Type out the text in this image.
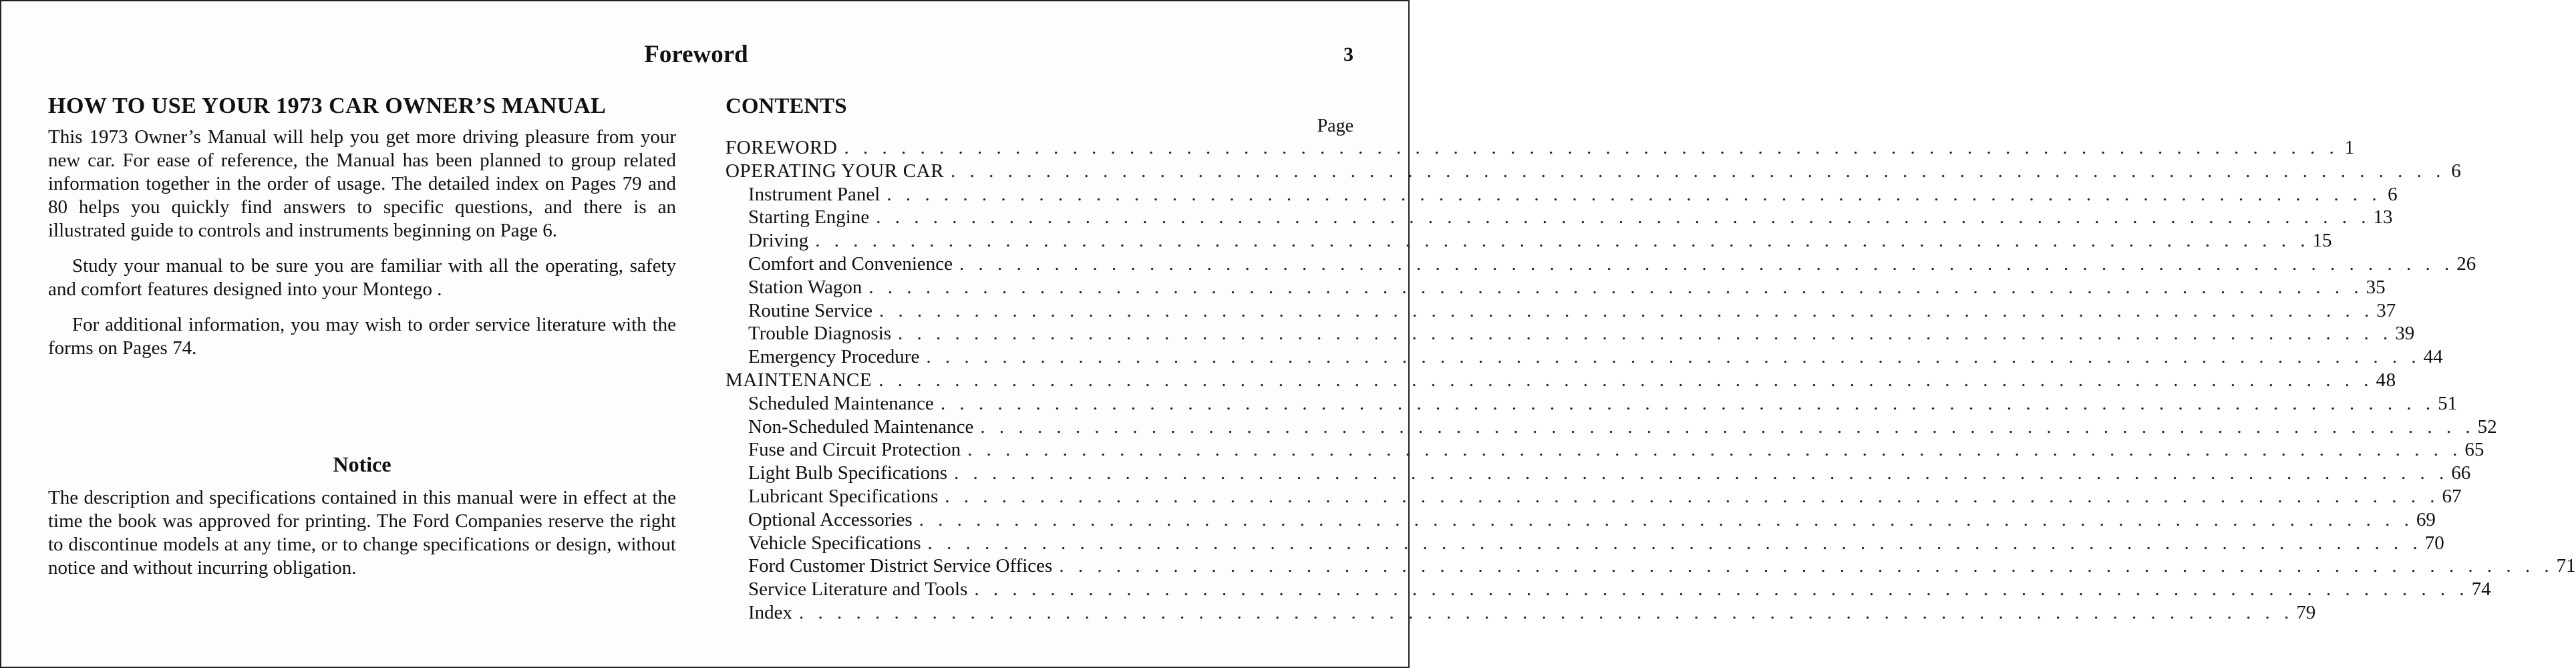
Foreword	3
HOW TO USE YOUR 1973 CAR OWNER’S MANUAL

This 1973 Owner’s Manual will help you get more driving pleasure from your new car. For ease of reference, the Manual has been planned to group related information together in the order of usage. The detailed index on Pages 79 and 80 helps you quickly find answers to specific questions, and there is an illustrated guide to controls and instruments beginning on Page 6.

Study your manual to be sure you are familiar with all the operating, safety and comfort features designed into your Montego .

For additional information, you may wish to order service literature with the forms on Pages 74.

Notice

The description and specifications contained in this manual were in effect at the time the book was approved for printing. The Ford Companies reserve the right to discontinue models at any time, or to change specifications or design, without notice and without incurring obligation.

CONTENTS
Page
FOREWORD . . . . . . . . . . . . . . . . . . . . . . . . . . . . . . . . . . . . . . . . . . . . . . . . . . . . . . . . . . . . . . . . . . . . . . . . . . . . . . . 1
OPERATING YOUR CAR . . . . . . . . . . . . . . . . . . . . . . . . . . . . . . . . . . . . . . . . . . . . . . . . . . . . . . . . . . . . . . . . . . . . . . . . . . . . . . . 6
Instrument Panel . . . . . . . . . . . . . . . . . . . . . . . . . . . . . . . . . . . . . . . . . . . . . . . . . . . . . . . . . . . . . . . . . . . . . . . . . . . . . . . 6
Starting Engine . . . . . . . . . . . . . . . . . . . . . . . . . . . . . . . . . . . . . . . . . . . . . . . . . . . . . . . . . . . . . . . . . . . . . . . . . . . . . . . 13
Driving . . . . . . . . . . . . . . . . . . . . . . . . . . . . . . . . . . . . . . . . . . . . . . . . . . . . . . . . . . . . . . . . . . . . . . . . . . . . . . . 15
Comfort and Convenience . . . . . . . . . . . . . . . . . . . . . . . . . . . . . . . . . . . . . . . . . . . . . . . . . . . . . . . . . . . . . . . . . . . . . . . . . . . . . . . 26
Station Wagon . . . . . . . . . . . . . . . . . . . . . . . . . . . . . . . . . . . . . . . . . . . . . . . . . . . . . . . . . . . . . . . . . . . . . . . . . . . . . . . 35
Routine Service . . . . . . . . . . . . . . . . . . . . . . . . . . . . . . . . . . . . . . . . . . . . . . . . . . . . . . . . . . . . . . . . . . . . . . . . . . . . . . . 37
Trouble Diagnosis . . . . . . . . . . . . . . . . . . . . . . . . . . . . . . . . . . . . . . . . . . . . . . . . . . . . . . . . . . . . . . . . . . . . . . . . . . . . . . . 39
Emergency Procedure . . . . . . . . . . . . . . . . . . . . . . . . . . . . . . . . . . . . . . . . . . . . . . . . . . . . . . . . . . . . . . . . . . . . . . . . . . . . . . . 44
MAINTENANCE . . . . . . . . . . . . . . . . . . . . . . . . . . . . . . . . . . . . . . . . . . . . . . . . . . . . . . . . . . . . . . . . . . . . . . . . . . . . . . . 48
Scheduled Maintenance . . . . . . . . . . . . . . . . . . . . . . . . . . . . . . . . . . . . . . . . . . . . . . . . . . . . . . . . . . . . . . . . . . . . . . . . . . . . . . . 51
Non-Scheduled Maintenance . . . . . . . . . . . . . . . . . . . . . . . . . . . . . . . . . . . . . . . . . . . . . . . . . . . . . . . . . . . . . . . . . . . . . . . . . . . . . . . 52
Fuse and Circuit Protection . . . . . . . . . . . . . . . . . . . . . . . . . . . . . . . . . . . . . . . . . . . . . . . . . . . . . . . . . . . . . . . . . . . . . . . . . . . . . . . 65
Light Bulb Specifications . . . . . . . . . . . . . . . . . . . . . . . . . . . . . . . . . . . . . . . . . . . . . . . . . . . . . . . . . . . . . . . . . . . . . . . . . . . . . . . 66
Lubricant Specifications . . . . . . . . . . . . . . . . . . . . . . . . . . . . . . . . . . . . . . . . . . . . . . . . . . . . . . . . . . . . . . . . . . . . . . . . . . . . . . . 67
Optional Accessories . . . . . . . . . . . . . . . . . . . . . . . . . . . . . . . . . . . . . . . . . . . . . . . . . . . . . . . . . . . . . . . . . . . . . . . . . . . . . . . 69
Vehicle Specifications . . . . . . . . . . . . . . . . . . . . . . . . . . . . . . . . . . . . . . . . . . . . . . . . . . . . . . . . . . . . . . . . . . . . . . . . . . . . . . . 70
Ford Customer District Service Offices . . . . . . . . . . . . . . . . . . . . . . . . . . . . . . . . . . . . . . . . . . . . . . . . . . . . . . . . . . . . . . . . . . . . . . . . . . . . . . . 71
Service Literature and Tools . . . . . . . . . . . . . . . . . . . . . . . . . . . . . . . . . . . . . . . . . . . . . . . . . . . . . . . . . . . . . . . . . . . . . . . . . . . . . . . 74
Index . . . . . . . . . . . . . . . . . . . . . . . . . . . . . . . . . . . . . . . . . . . . . . . . . . . . . . . . . . . . . . . . . . . . . . . . . . . . . . . 79
